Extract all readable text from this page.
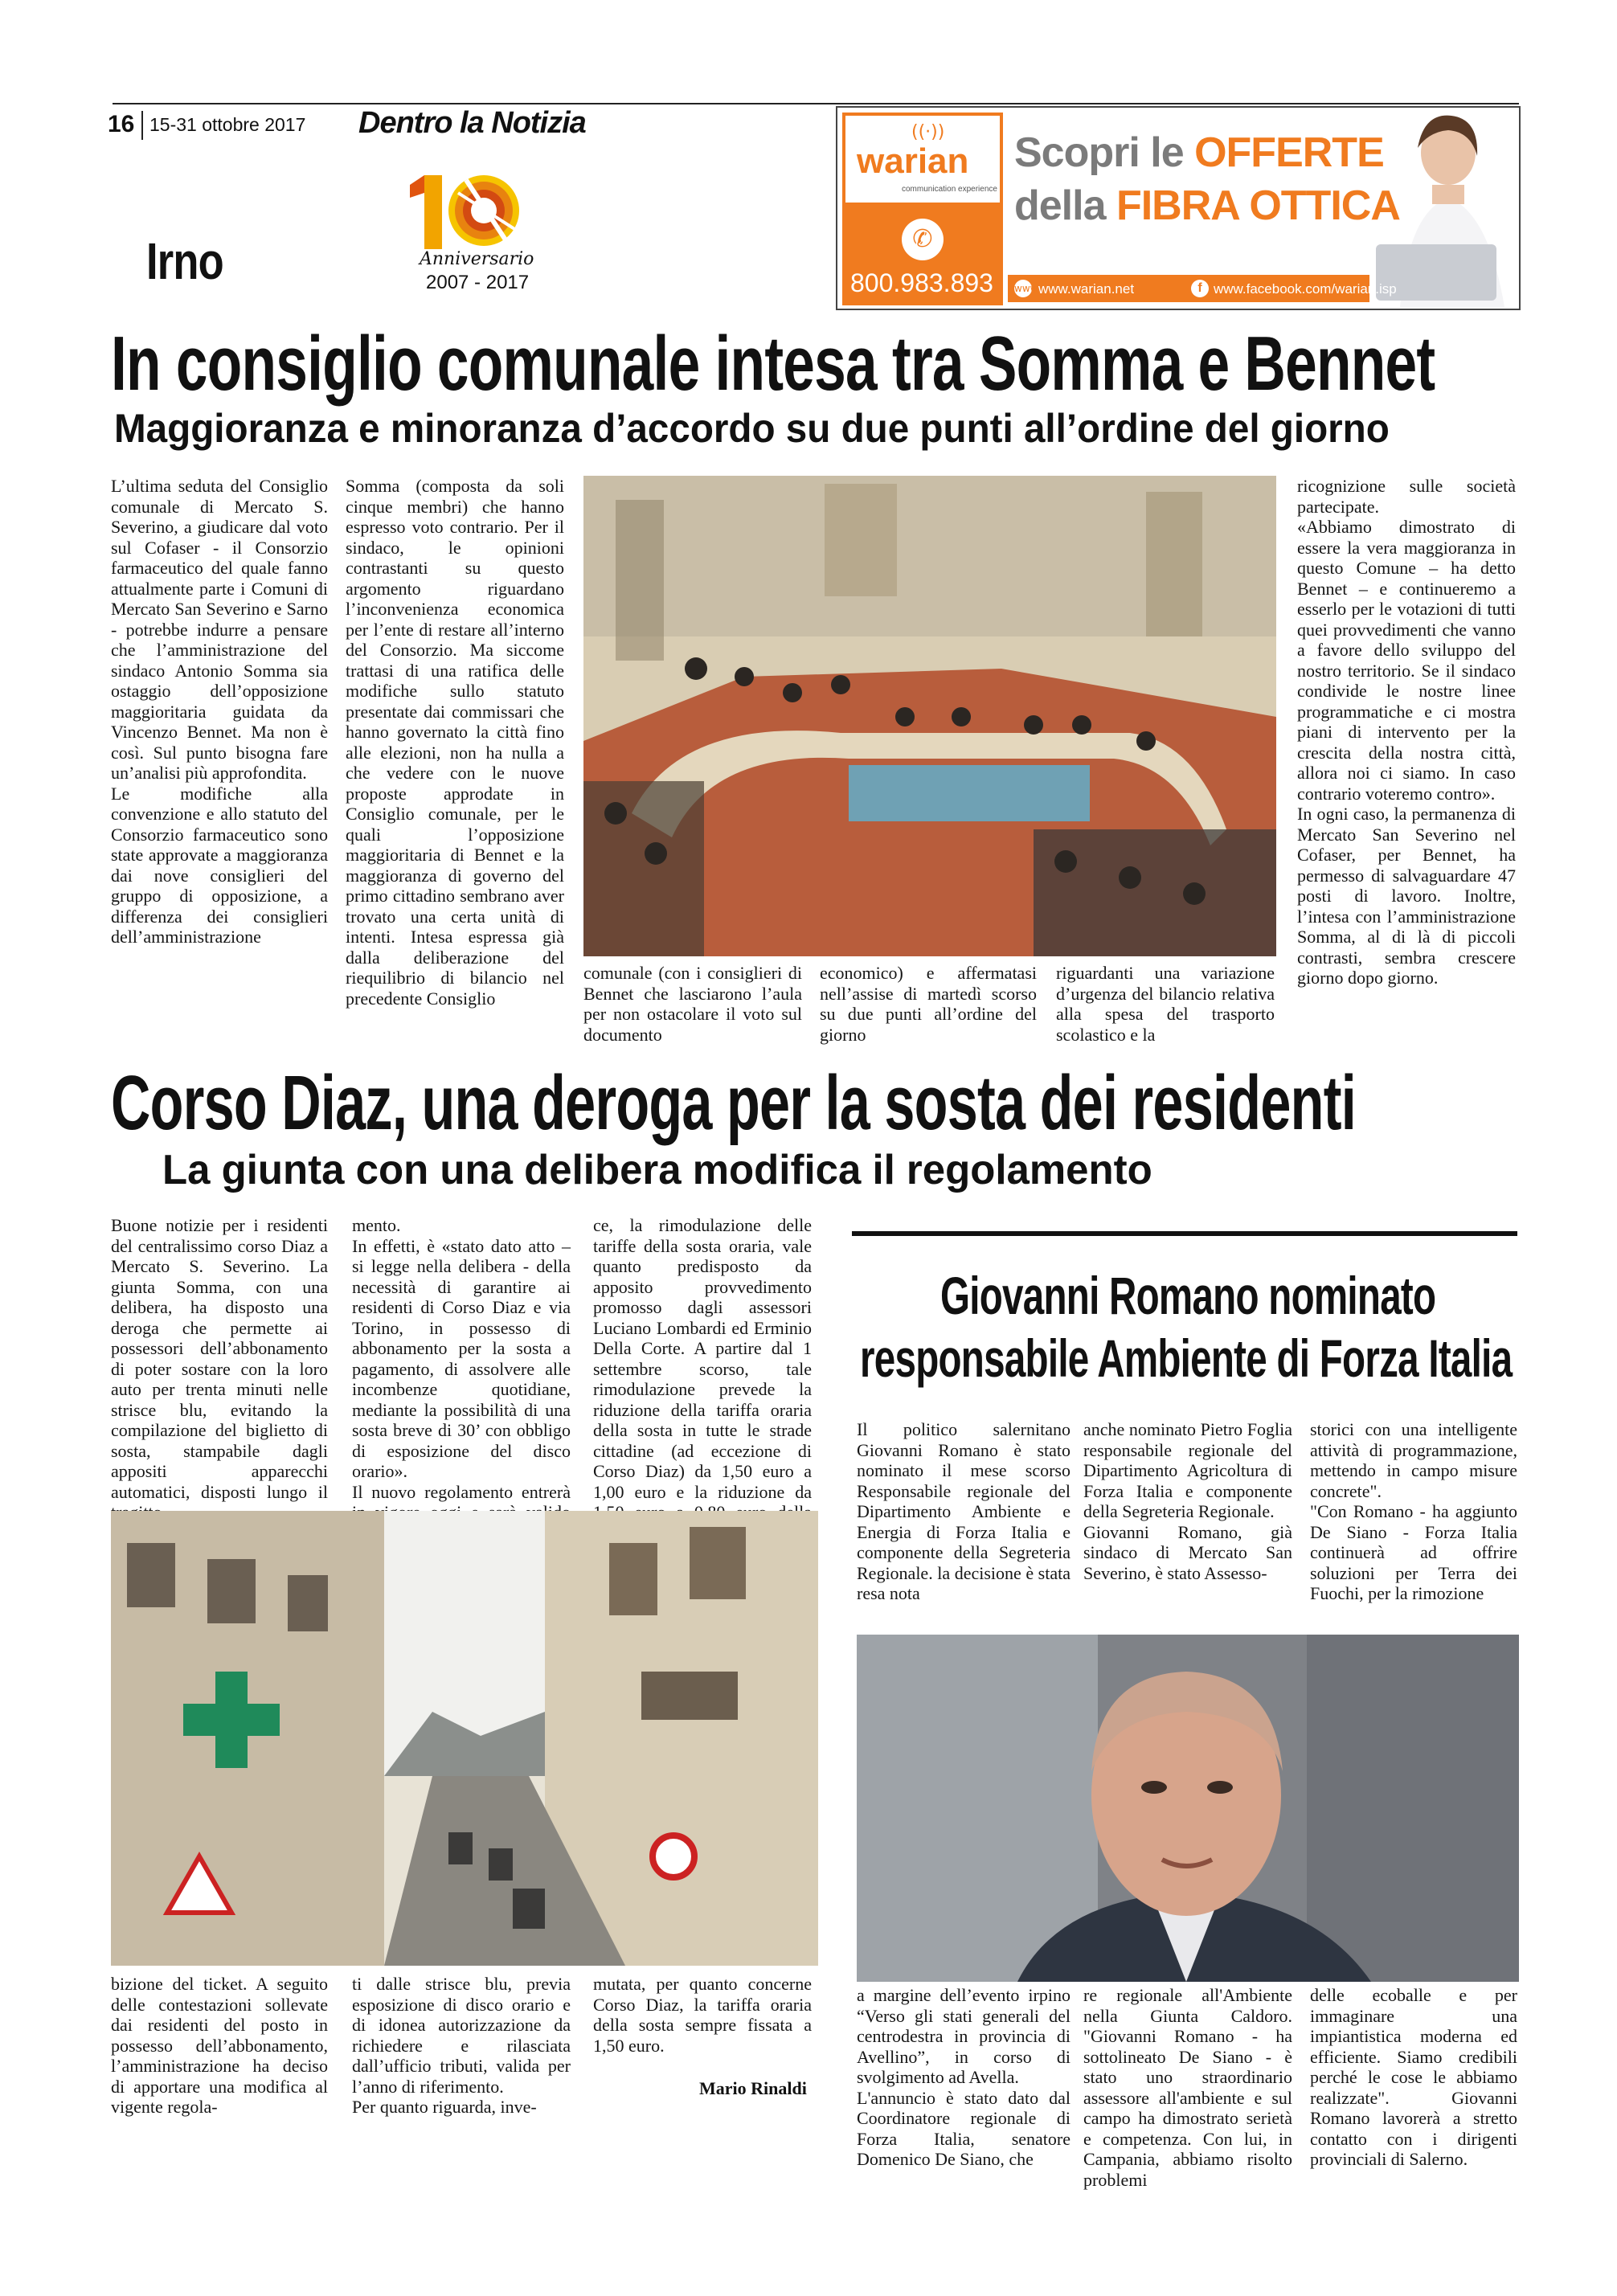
16 15-31 ottobre 2017 Dentro la Notizia
Anniversario
2007 - 2017
Irno
((·))
warian
communication experience
✆
800.983.893
Scopri le OFFERTE
della FIBRA OTTICA
www www.warian.net	f www.facebook.com/warian.isp
In consiglio comunale intesa tra Somma e Bennet
Maggioranza e minoranza d’accordo su due punti all’ordine del giorno
L’ultima seduta del Consiglio comunale di Mercato S. Severino, a giudicare dal voto sul Cofaser - il Consorzio farmaceutico del quale fanno attualmente parte i Comuni di Mercato San Severino e Sarno - potrebbe indurre a pensare che l’amministrazione del sindaco Antonio Somma sia ostaggio dell’opposizione maggioritaria guidata da Vincenzo Bennet. Ma non è così. Sul punto bisogna fare un’analisi più approfondita.
Le modifiche alla convenzione e allo statuto del Consorzio farmaceutico sono state approvate a maggioranza dai nove consiglieri del gruppo di opposizione, a differenza dei consiglieri dell’amministrazione
Somma (composta da soli cinque membri) che hanno espresso voto contrario. Per il sindaco, le opinioni contrastanti su questo argomento riguardano l’inconvenienza economica per l’ente di restare all’interno del Consorzio. Ma siccome trattasi di una ratifica delle modifiche sullo statuto presentate dai commissari che hanno governato la città fino alle elezioni, non ha nulla a che vedere con le nuove proposte approdate in Consiglio comunale, per le quali l’opposizione maggioritaria di Bennet e la maggioranza di governo del primo cittadino sembrano aver trovato una certa unità di intenti. Intesa espressa già dalla deliberazione del riequilibrio di bilancio nel precedente Consiglio
comunale (con i consiglieri di Bennet che lasciarono l’aula per non ostacolare il voto sul documento
economico) e affermatasi nell’assise di martedì scorso su due punti all’ordine del giorno
riguardanti una variazione d’urgenza del bilancio relativa alla spesa del trasporto scolastico e la
ricognizione sulle società partecipate.
«Abbiamo dimostrato di essere la vera maggioranza in questo Comune – ha detto Bennet – e continueremo a esserlo per le votazioni di tutti quei provvedimenti che vanno a favore dello sviluppo del nostro territorio. Se il sindaco condivide le nostre linee programmatiche e ci mostra piani di intervento per la crescita della nostra città, allora noi ci siamo. In caso contrario voteremo contro».
In ogni caso, la permanenza di Mercato San Severino nel Cofaser, per Bennet, ha permesso di salvaguardare 47 posti di lavoro. Inoltre, l’intesa con l’amministrazione Somma, al di là di piccoli contrasti, sembra crescere giorno dopo giorno.
Corso Diaz, una deroga per la sosta dei residenti
La giunta con una delibera modifica il regolamento
Buone notizie per i residenti del centralissimo corso Diaz a Mercato S. Severino. La giunta Somma, con una delibera, ha disposto una deroga che permette ai possessori dell’abbonamento di poter sostare con la loro auto per trenta minuti nelle strisce blu, evitando la compilazione del biglietto di sosta, stampabile dagli appositi apparecchi automatici, disposti lungo il

mento.
In effetti, è «stato dato atto – si legge nella delibera - della necessità di garantire ai residenti di Corso Diaz e via Torino, in possesso di abbonamento per la sosta a pagamento, di assolvere alle incombenze quotidiane, mediante la possibilità di una sosta breve di 30’ con obbligo di esposizione del disco orario».
Il nuovo regolamento entrerà
ce, la rimodulazione delle tariffe della sosta oraria, vale quanto predisposto da apposito provvedimento promosso dagli assessori Luciano Lombardi ed Erminio Della Corte. A partire dal 1 settembre scorso, tale rimodulazione prevede la riduzione della tariffa oraria della sosta in tutte le strade cittadine (ad eccezione di Corso Diaz) da 1,50 euro a 1,00 euro e la riduzione da
bizione del ticket. A seguito delle contestazioni sollevate dai residenti del posto in possesso dell’abbonamento, l’amministrazione ha deciso di apportare una modifica al vigente regola-
ti dalle strisce blu, previa esposizione di disco orario e di idonea autorizzazione da richiedere e rilasciata dall’ufficio tributi, valida per l’anno di riferimento.
Per quanto riguarda, inve-
mutata, per quanto concerne Corso Diaz, la tariffa oraria della sosta sempre fissata a 1,50 euro.
Mario Rinaldi
Giovanni Romano nominato
responsabile Ambiente di Forza Italia
Il politico salernitano Giovanni Romano è stato nominato il mese scorso Responsabile regionale del Dipartimento Ambiente e Energia di Forza Italia e componente della Segreteria Regionale. la decisione è stata resa nota
anche nominato Pietro Foglia responsabile regionale del Dipartimento Agricoltura di Forza Italia e componente della Segreteria Regionale.
Giovanni Romano, già sindaco di Mercato San Severino, è stato Assesso-
storici con una intelligente attività di programmazione, mettendo in campo misure concrete".
"Con Romano - ha aggiunto De Siano - Forza Italia continuerà ad offrire soluzioni per Terra dei Fuochi, per la rimozione
a margine dell’evento irpino “Verso gli stati generali del centrodestra in provincia di Avellino”, in corso di svolgimento ad Avella.
L'annuncio è stato dato dal Coordinatore regionale di Forza Italia, senatore Domenico De Siano, che
re regionale all'Ambiente nella Giunta Caldoro. "Giovanni Romano - ha sottolineato De Siano - è stato uno straordinario assessore all'ambiente e sul campo ha dimostrato serietà e competenza. Con lui, in Campania, abbiamo risolto problemi
delle ecoballe e per immaginare una impiantistica moderna ed efficiente. Siamo credibili perché le cose le abbiamo realizzate". Giovanni Romano lavorerà a stretto contatto con i dirigenti provinciali di Salerno.
